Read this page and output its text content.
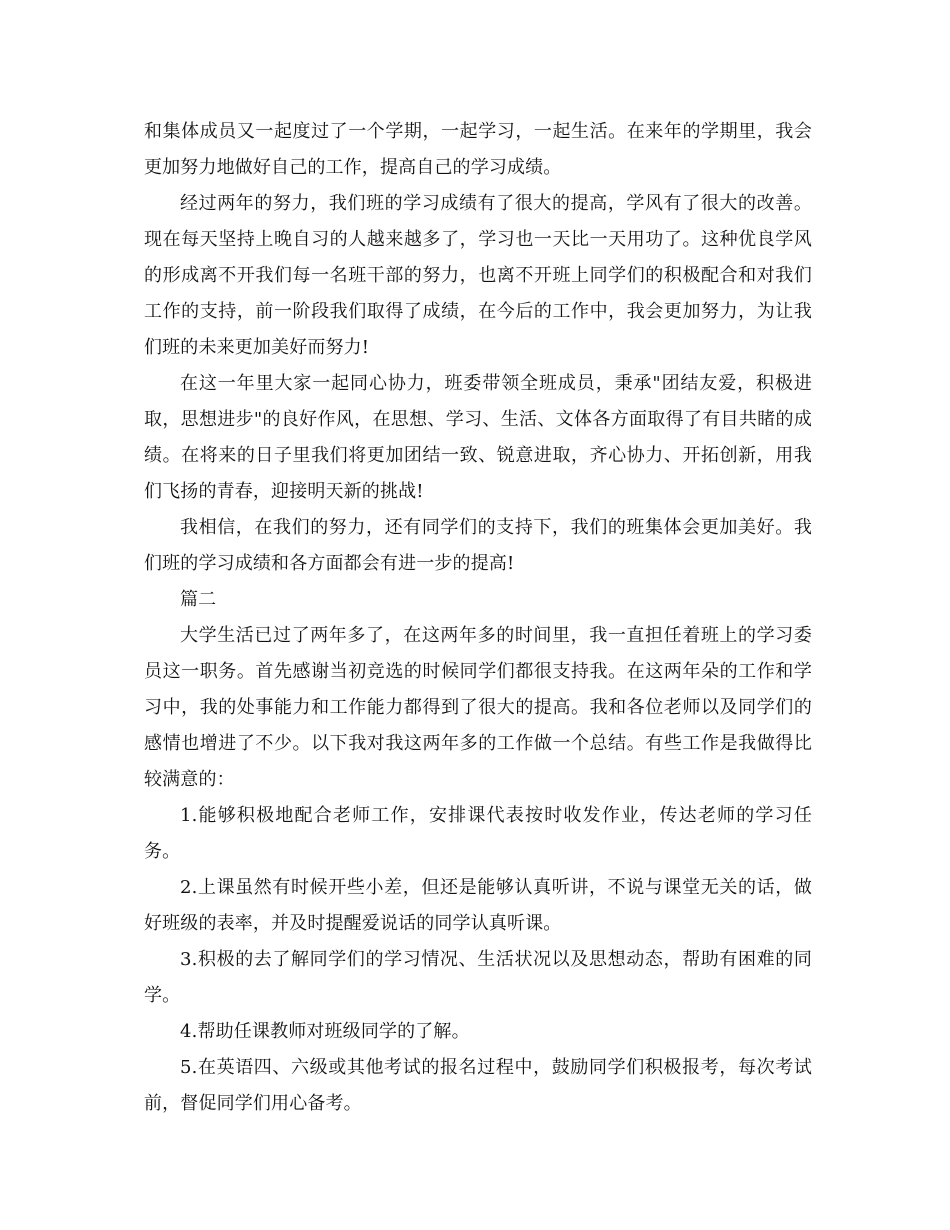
和集体成员又一起度过了一个学期，一起学习，一起生活。在来年的学期里，我会更加努力地做好自己的工作，提高自己的学习成绩。

经过两年的努力，我们班的学习成绩有了很大的提高，学风有了很大的改善。现在每天坚持上晚自习的人越来越多了，学习也一天比一天用功了。这种优良学风的形成离不开我们每一名班干部的努力，也离不开班上同学们的积极配合和对我们工作的支持，前一阶段我们取得了成绩，在今后的工作中，我会更加努力，为让我们班的未来更加美好而努力!

在这一年里大家一起同心协力，班委带领全班成员，秉承"团结友爱，积极进取，思想进步"的良好作风，在思想、学习、生活、文体各方面取得了有目共睹的成绩。在将来的日子里我们将更加团结一致、锐意进取，齐心协力、开拓创新，用我们飞扬的青春，迎接明天新的挑战!

我相信，在我们的努力，还有同学们的支持下，我们的班集体会更加美好。我们班的学习成绩和各方面都会有进一步的提高!

篇二

大学生活已过了两年多了，在这两年多的时间里，我一直担任着班上的学习委员这一职务。首先感谢当初竞选的时候同学们都很支持我。在这两年朵的工作和学习中，我的处事能力和工作能力都得到了很大的提高。我和各位老师以及同学们的感情也增进了不少。以下我对我这两年多的工作做一个总结。有些工作是我做得比较满意的：

1.能够积极地配合老师工作，安排课代表按时收发作业，传达老师的学习任务。

2.上课虽然有时候开些小差，但还是能够认真听讲，不说与课堂无关的话，做好班级的表率，并及时提醒爱说话的同学认真听课。

3.积极的去了解同学们的学习情况、生活状况以及思想动态，帮助有困难的同学。

4.帮助任课教师对班级同学的了解。

5.在英语四、六级或其他考试的报名过程中，鼓励同学们积极报考，每次考试前，督促同学们用心备考。
